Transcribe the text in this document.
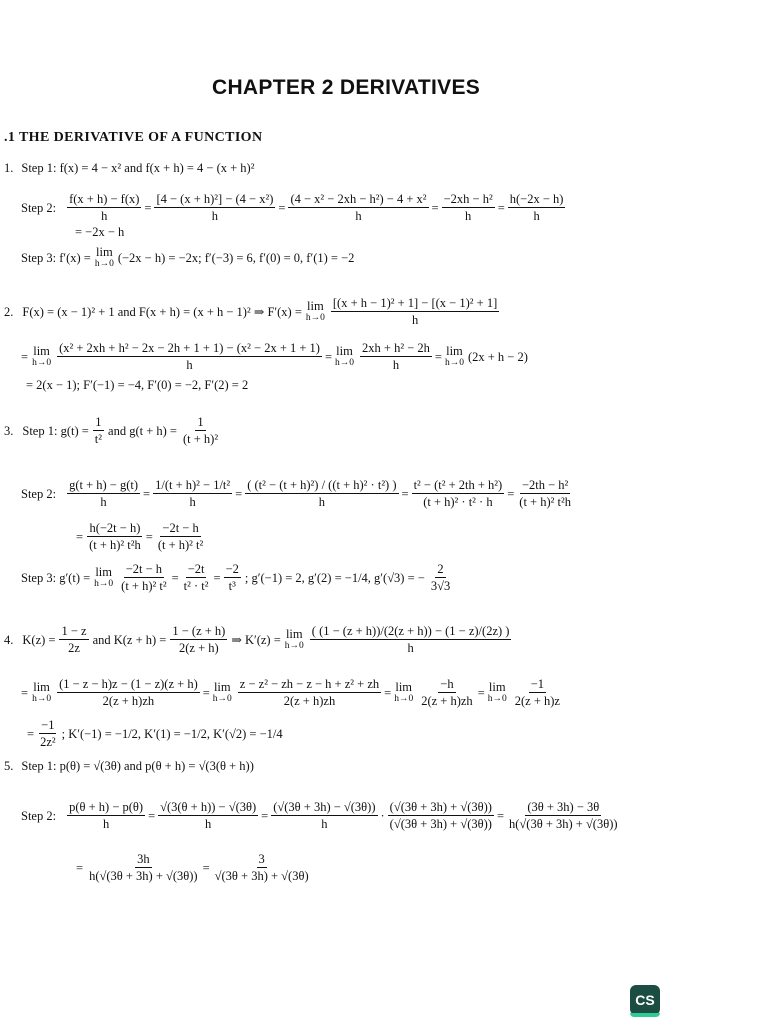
CHAPTER 2 DERIVATIVES
.1 THE DERIVATIVE OF A FUNCTION
1. Step 1: f(x) = 4 − x² and f(x + h) = 4 − (x + h)²
Step 2:
f(x + h) − f(x)
h
=
[4 − (x + h)²] − (4 − x²)
h
=
(4 − x² − 2xh − h²) − 4 + x²
h
=
−2xh − h²
h
=
h(−2x − h)
h
= −2x − h
Step 3: f′(x) = lim
h→0 (−2x − h) = −2x; f′(−3) = 6, f′(0) = 0, f′(1) = −2
2. F(x) = (x − 1)² + 1 and F(x + h) = (x + h − 1)² ⇒ F′(x) = lim
h→0
[(x + h − 1)² + 1] − [(x − 1)² + 1]
h
= lim
h→0
(x² + 2xh + h² − 2x − 2h + 1 + 1) − (x² − 2x + 1 + 1)
h
= lim
h→0
2xh + h² − 2h
h
= lim
h→0 (2x + h − 2)
= 2(x − 1); F′(−1) = −4, F′(0) = −2, F′(2) = 2
3. Step 1: $g(t) = \frac{1}{\text{t²}}$ and $g(t + h) = \frac{1}{\text{(t + h)²}}$
Step 2:
g(t + h) − g(t)
h
=
1/(t + h)² − 1/t²
h
=
( (t² − (t + h)²) / ((t + h)² · t²) )
h
=
t² − (t² + 2th + h²)
(t + h)² · t² · h
=
−2th − h²
(t + h)² t²h
= $\frac{h(-2t - h)}{\text{(t + h)² t²h}}$ =
−2t − h
(t + h)² t²
Step 3: g′(t) = lim
h→0
−2t − h
(t + h)² t²
=
−2t
t² · t²
=
−2
t³
; g′(−1) = 2, g′(2) = −1/4, g′(√3) = − $\frac{2}{3√3}$
4. $K(z) = \frac{1 - z}{2z}$ and $K(z + h) = \frac{1 - (z + h)}{2(z + h)}$ ⇒ K′(z) = lim
h→0
( (1 − (z + h))/(2(z + h)) − (1 − z)/(2z) )
h
= lim
h→0
(1 − z − h)z − (1 − z)(z + h)
2(z + h)zh
= lim
h→0
z − z² − zh − z − h + z² + zh
2(z + h)zh
= lim
h→0
−h
2(z + h)zh
= lim
h→0
−1
2(z + h)z
= $\frac{-1}{\text{2z²}}$ ; K′(−1) = −1/2, K′(1) = −1/2, K′(√2) = −1/4
5. Step 1: p(θ) = √(3θ) and p(θ + h) = √(3(θ + h))
Step 2:
p(θ + h) − p(θ)
h
=
√(3(θ + h)) − √(3θ)
h
=
(√(3θ + 3h) − √(3θ))
h
·
(√(3θ + 3h) + √(3θ))
(√(3θ + 3h) + √(3θ))
=
(3θ + 3h) − 3θ
h(√(3θ + 3h) + √(3θ))
= $\frac{3h}{h(√(3\theta + 3h) + √(3\theta))}$ =
3
√(3θ + 3h) + √(3θ)
CS
